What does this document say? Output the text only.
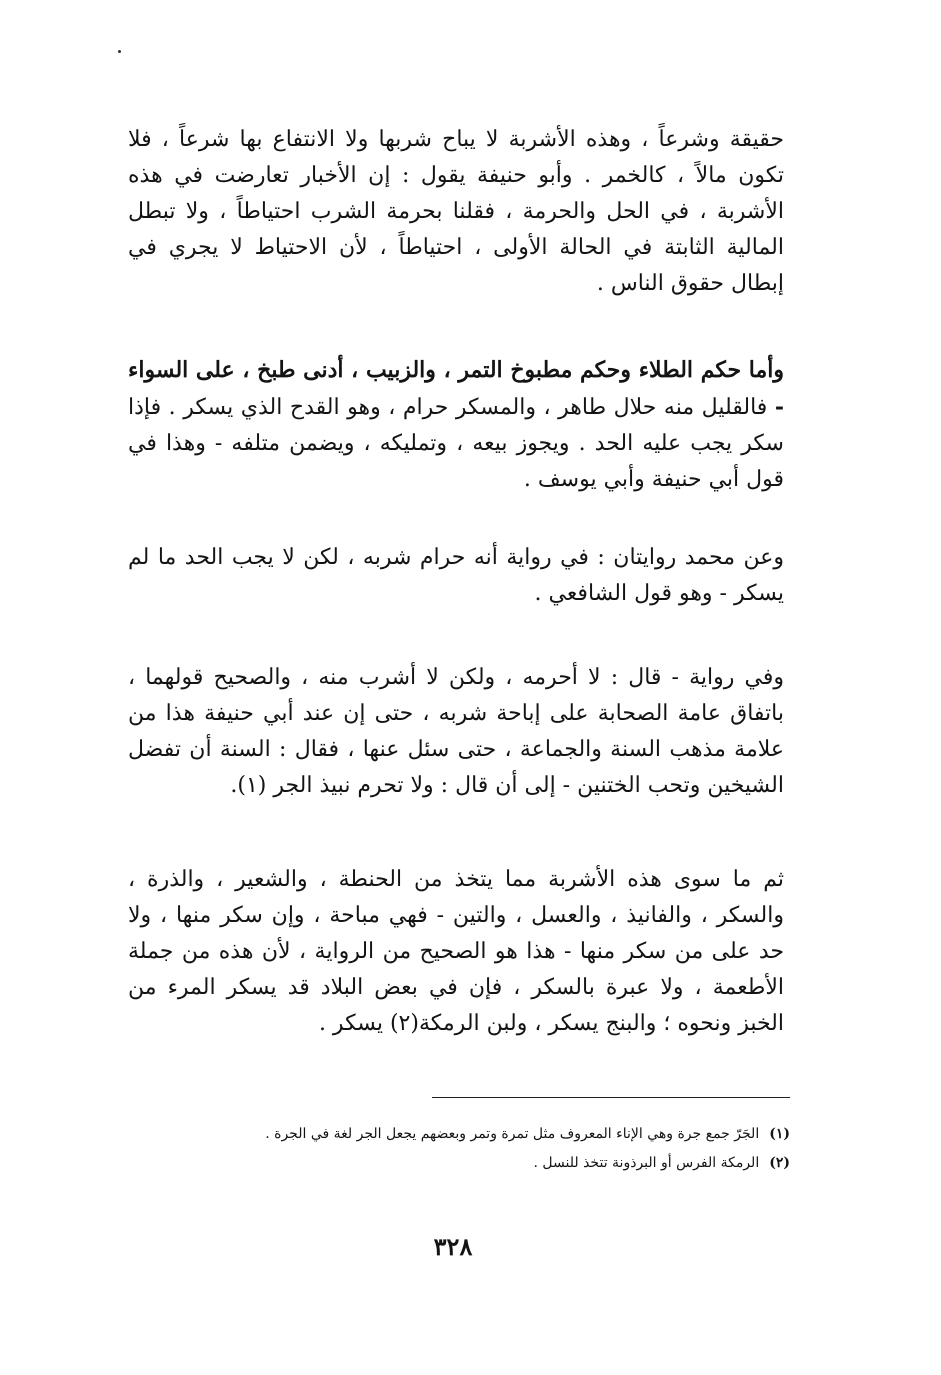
حقيقة وشرعاً ، وهذه الأشربة لا يباح شربها ولا الانتفاع بها شرعاً ، فلا تكون مالاً ، كالخمر . وأبو حنيفة يقول : إن الأخبار تعارضت في هذه الأشربة ، في الحل والحرمة ، فقلنا بحرمة الشرب احتياطاً ، ولا تبطل المالية الثابتة في الحالة الأولى ، احتياطاً ، لأن الاحتياط لا يجري في إبطال حقوق الناس .

وأما حكم الطلاء وحكم مطبوخ التمر ، والزبيب ، أدنى طبخ ، على السواء - فالقليل منه حلال طاهر ، والمسكر حرام ، وهو القدح الذي يسكر . فإذا سكر يجب عليه الحد . ويجوز بيعه ، وتمليكه ، ويضمن متلفه - وهذا في قول أبي حنيفة وأبي يوسف .

وعن محمد روايتان : في رواية أنه حرام شربه ، لكن لا يجب الحد ما لم يسكر - وهو قول الشافعي .

وفي رواية - قال : لا أحرمه ، ولكن لا أشرب منه ، والصحيح قولهما ، باتفاق عامة الصحابة على إباحة شربه ، حتى إن عند أبي حنيفة هذا من علامة مذهب السنة والجماعة ، حتى سئل عنها ، فقال : السنة أن تفضل الشيخين وتحب الختنين - إلى أن قال : ولا تحرم نبيذ الجر (١).

ثم ما سوى هذه الأشربة مما يتخذ من الحنطة ، والشعير ، والذرة ، والسكر ، والفانيذ ، والعسل ، والتين - فهي مباحة ، وإن سكر منها ، ولا حد على من سكر منها - هذا هو الصحيح من الرواية ، لأن هذه من جملة الأطعمة ، ولا عبرة بالسكر ، فإن في بعض البلاد قد يسكر المرء من الخبز ونحوه ؛ والبنج يسكر ، ولبن الرمكة(٢) يسكر .

(١)الجَرّ جمع جرة وهي الإناء المعروف مثل تمرة وتمر وبعضهم يجعل الجر لغة في الجرة .
(٢)الرمكة الفرس أو البرذونة تتخذ للنسل .
٣٢٨
